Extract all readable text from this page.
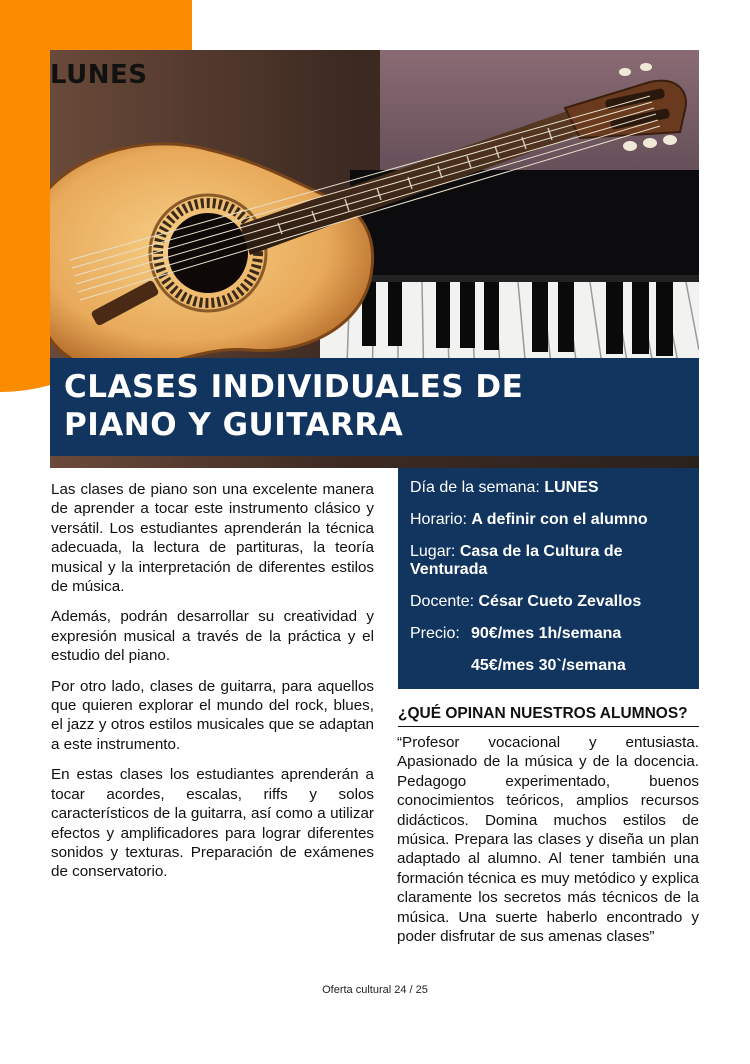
LUNES
CLASES INDIVIDUALES DE
PIANO Y GUITARRA

Las clases de piano son una excelente manera de aprender a tocar este instrumento clásico y versátil. Los estudiantes aprenderán la técnica adecuada, la lectura de partituras, la teoría musical y la interpretación de diferentes estilos de música.

Además, podrán desarrollar su creatividad y expresión musical a través de la práctica y el estudio del piano.

Por otro lado, clases de guitarra, para aquellos que quieren explorar el mundo del rock, blues, el jazz y otros estilos musicales que se adaptan a este instrumento.

En estas clases los estudiantes aprenderán a tocar acordes, escalas, riffs y solos característicos de la guitarra, así como a utilizar efectos y amplificadores para lograr diferentes sonidos y texturas. Preparación de exámenes de conservatorio.

Día de la semana: LUNES
Horario: A definir con el alumno
Lugar: Casa de la Cultura de Venturada
Docente: César Cueto Zevallos
Precio: 90€/mes 1h/semana
45€/mes 30`/semana
¿QUÉ OPINAN NUESTROS ALUMNOS?

“Profesor vocacional y entusiasta. Apasionado de la música y de la docencia. Pedagogo experimentado, buenos conocimientos teóricos, amplios recursos didácticos. Domina muchos estilos de música. Prepara las clases y diseña un plan adaptado al alumno. Al tener también una formación técnica es muy metódico y explica claramente los secretos más técnicos de la música. Una suerte haberlo encontrado y poder disfrutar de sus amenas clases”

Oferta cultural 24 / 25
